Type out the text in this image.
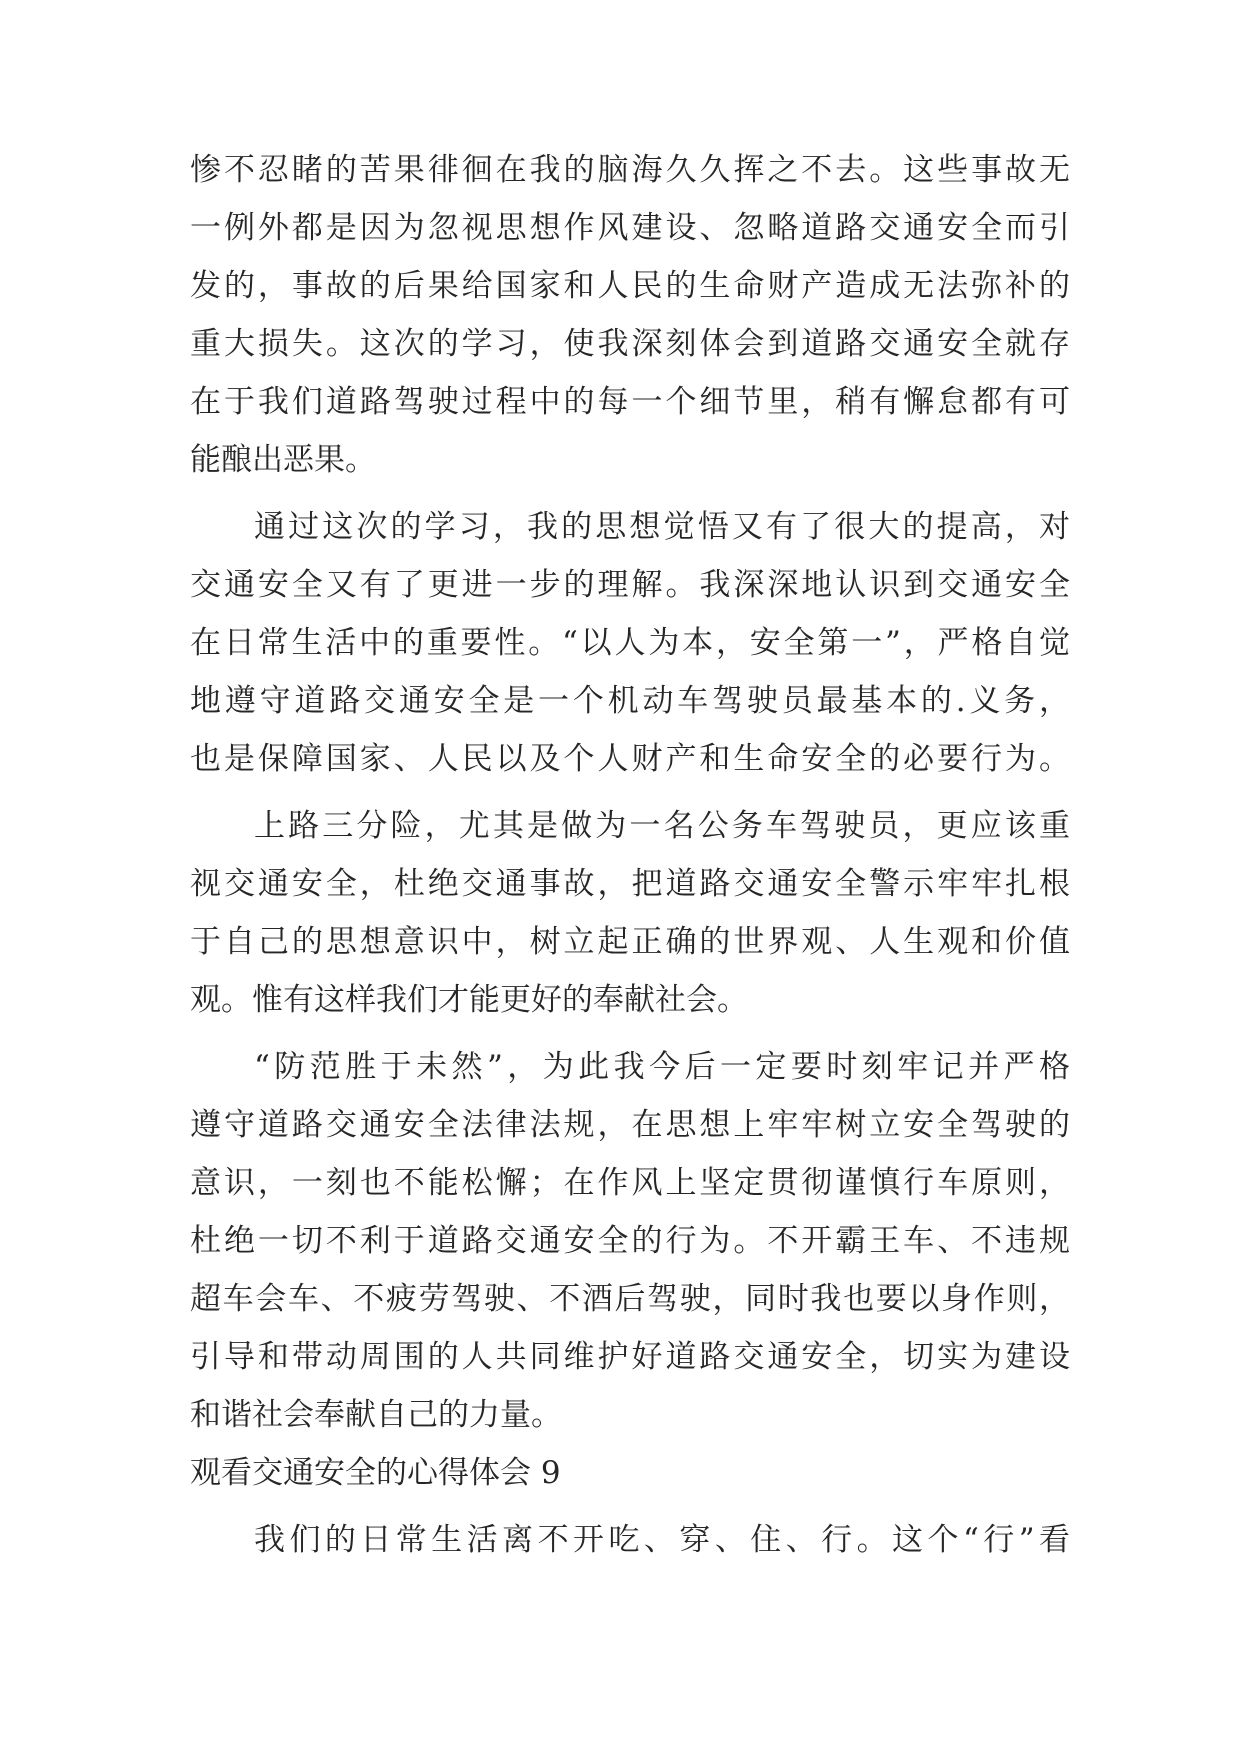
惨不忍睹的苦果徘徊在我的脑海久久挥之不去。这些事故无
一例外都是因为忽视思想作风建设、忽略道路交通安全而引
发的，事故的后果给国家和人民的生命财产造成无法弥补的
重大损失。这次的学习，使我深刻体会到道路交通安全就存
在于我们道路驾驶过程中的每一个细节里，稍有懈怠都有可
能酿出恶果。
通过这次的学习，我的思想觉悟又有了很大的提高，对
交通安全又有了更进一步的理解。我深深地认识到交通安全
在日常生活中的重要性。“以人为本，安全第一”，严格自觉
地遵守道路交通安全是一个机动车驾驶员最基本的.义务，
也是保障国家、人民以及个人财产和生命安全的必要行为。
上路三分险，尤其是做为一名公务车驾驶员，更应该重
视交通安全，杜绝交通事故，把道路交通安全警示牢牢扎根
于自己的思想意识中，树立起正确的世界观、人生观和价值
观。惟有这样我们才能更好的奉献社会。
“防范胜于未然”，为此我今后一定要时刻牢记并严格
遵守道路交通安全法律法规，在思想上牢牢树立安全驾驶的
意识，一刻也不能松懈；在作风上坚定贯彻谨慎行车原则，
杜绝一切不利于道路交通安全的行为。不开霸王车、不违规
超车会车、不疲劳驾驶、不酒后驾驶，同时我也要以身作则，
引导和带动周围的人共同维护好道路交通安全，切实为建设
和谐社会奉献自己的力量。
观看交通安全的心得体会 9
我们的日常生活离不开吃、穿、住、行。这个“行”看
